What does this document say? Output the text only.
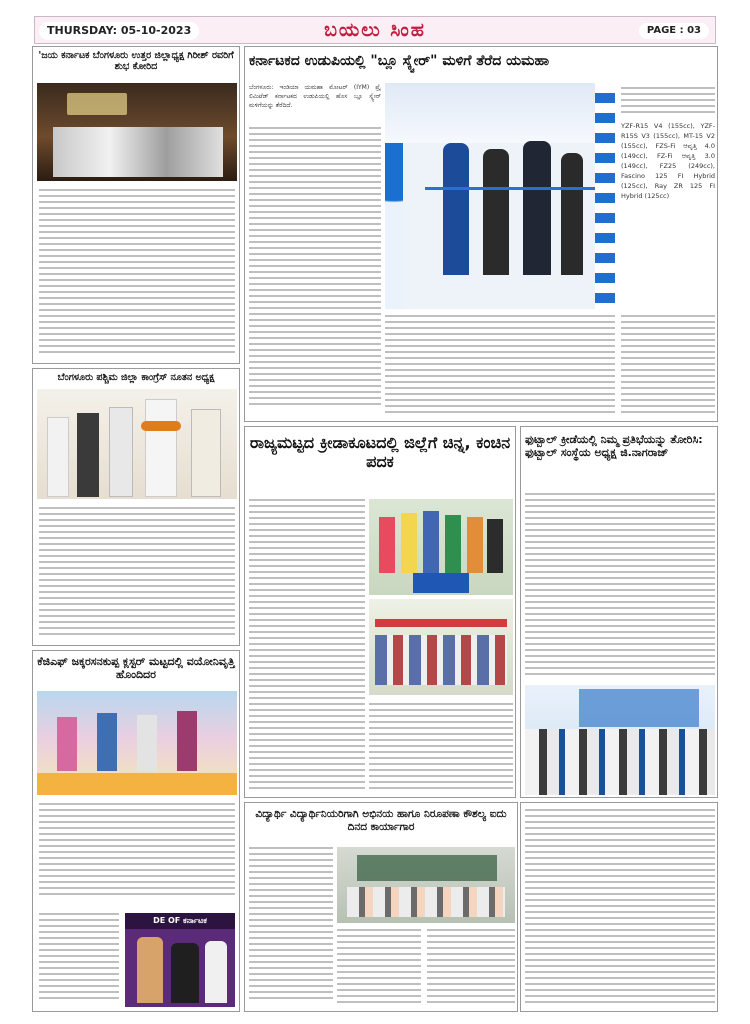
THURSDAY: 05-10-2023	ಬಯಲು ಸಿಂಹ	PAGE : 03
'ಜಯ ಕರ್ನಾಟಕ ಬೆಂಗಳೂರು ಉತ್ತರ ಜಿಲ್ಲಾಧ್ಯಕ್ಷ ಗಿರೀಶ್ ರವರಿಗೆ ಶುಭ ಕೋರಿದ
ಬೆಂಗಳೂರು ಪಶ್ಚಿಮ ಜಿಲ್ಲಾ ಕಾಂಗ್ರೆಸ್ ನೂತನ ಅಧ್ಯಕ್ಷ
ಕೆಜಿಎಫ್ ಜಕ್ಕರಸನಕುಪ್ಪ ಕ್ಲಸ್ಟರ್ ಮಟ್ಟದಲ್ಲಿ ವಯೋನಿವೃತ್ತಿ ಹೊಂದಿದರ
DE OF ಕರ್ನಾಟಕ
ಕರ್ನಾಟಕದ ಉಡುಪಿಯಲ್ಲಿ "ಬ್ಲೂ ಸ್ಕ್ವೇರ್" ಮಳಿಗೆ ತೆರೆದ ಯಮಹಾ
ಬೆಂಗಳೂರು: ಇಂಡಿಯಾ ಯಮಹಾ ಮೋಟರ್ (IYM) ಪ್ರೈ ಲಿಮಿಟೆಡ್ ಕರ್ನಾಟಕದ ಉಡುಪಿಯಲ್ಲಿ ಹೊಸ ಬ್ಲೂ ಸ್ಕ್ವೇರ್ ಮಳಿಗೆಯನ್ನು ತೆರೆದಿದೆ.
YZF-R15 V4 (155cc), YZF-R15S V3 (155cc), MT-15 V2 (155cc), FZS-Fi ಆವೃತ್ತಿ 4.0 (149cc), FZ-Fi ಆವೃತ್ತಿ 3.0 (149cc), FZ25 (249cc), Fascino 125 FI Hybrid (125cc), Ray ZR 125 FI Hybrid (125cc)
ರಾಜ್ಯಮಟ್ಟದ ಕ್ರೀಡಾಕೂಟದಲ್ಲಿ ಜಿಲ್ಲೆಗೆ ಚಿನ್ನ, ಕಂಚಿನ ಪದಕ
ಫುಟ್ಬಾಲ್ ಕ್ರೀಡೆಯಲ್ಲಿ ನಿಮ್ಮ ಪ್ರತಿಭೆಯನ್ನು ತೋರಿಸಿ: ಫುಟ್ಬಾಲ್ ಸಂಸ್ಥೆಯ ಅಧ್ಯಕ್ಷ ಜಿ.ನಾಗರಾಜ್
ವಿದ್ಯಾರ್ಥಿ ವಿದ್ಯಾರ್ಥಿನಿಯರಿಗಾಗಿ ಅಭಿನಯ ಹಾಗೂ ನಿರೂಪಣಾ ಕೌಶಲ್ಯ ಐದು ದಿನದ ಕಾರ್ಯಾಗಾರ
